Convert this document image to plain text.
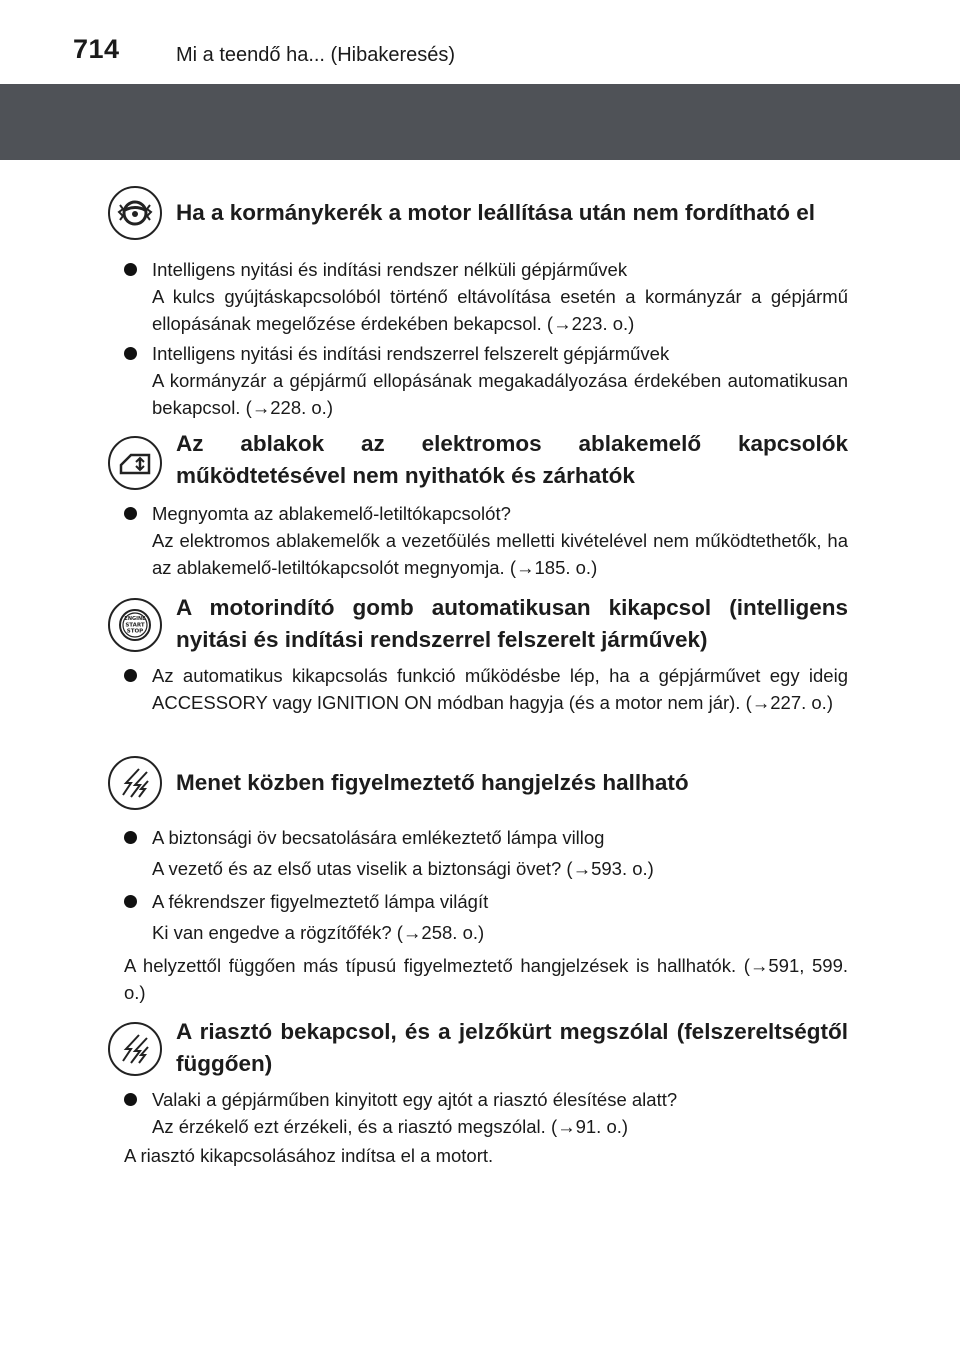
714	Mi a teendő ha... (Hibakeresés)
Ha a kormánykerék a motor leállítása után nem fordítható el
Intelligens nyitási és indítási rendszer nélküli gépjárművek
A kulcs gyújtáskapcsolóból történő eltávolítása esetén a kormányzár a gépjármű ellopásának megelőzése érdekében bekapcsol. (→223. o.)
Intelligens nyitási és indítási rendszerrel felszerelt gépjárművek
A kormányzár a gépjármű ellopásának megakadályozása érdekében automatikusan bekapcsol. (→228. o.)
Az ablakok az elektromos ablakemelő kapcsolók működtetésével nem nyithatók és zárhatók
Megnyomta az ablakemelő-letiltókapcsolót?
Az elektromos ablakemelők a vezetőülés melletti kivételével nem működtethetők, ha az ablakemelő-letiltókapcsolót megnyomja. (→185. o.)
ENGINE
START
STOP
A motorindító gomb automatikusan kikapcsol (intelligens nyitási és indítási rendszerrel felszerelt járművek)
Az automatikus kikapcsolás funkció működésbe lép, ha a gépjárművet egy ideig ACCESSORY vagy IGNITION ON módban hagyja (és a motor nem jár). (→227. o.)
Menet közben figyelmeztető hangjelzés hallható
A biztonsági öv becsatolására emlékeztető lámpa villog
A vezető és az első utas viselik a biztonsági övet? (→593. o.)
A fékrendszer figyelmeztető lámpa világít
Ki van engedve a rögzítőfék? (→258. o.)
A helyzettől függően más típusú figyelmeztető hangjelzések is hallhatók. (→591, 599. o.)
A riasztó bekapcsol, és a jelzőkürt megszólal (felszereltségtől függően)
Valaki a gépjárműben kinyitott egy ajtót a riasztó élesítése alatt?
Az érzékelő ezt érzékeli, és a riasztó megszólal. (→91. o.)
A riasztó kikapcsolásához indítsa el a motort.
